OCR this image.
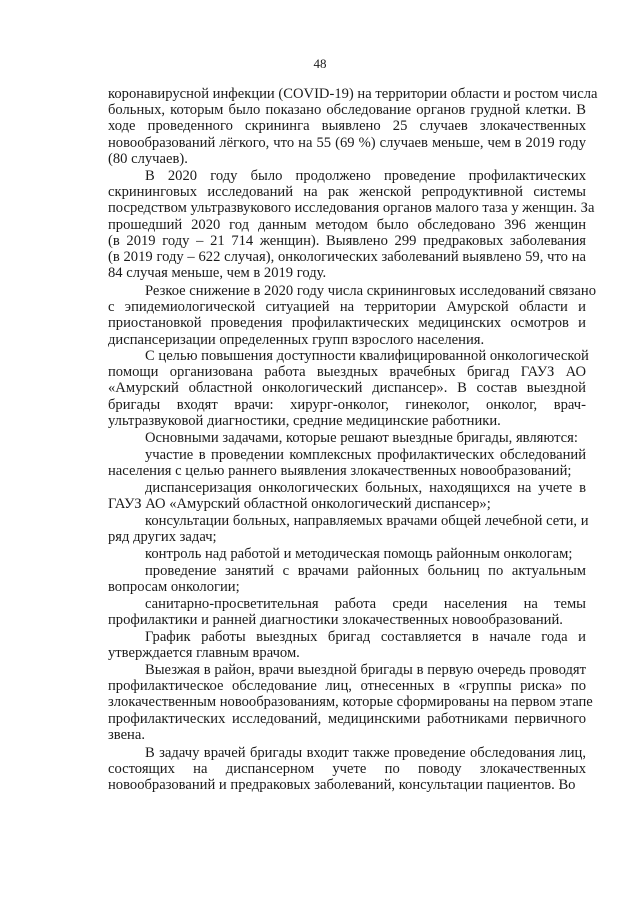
48
коронавирусной инфекции (COVID-19) на территории области и ростом числа
больных, которым было показано обследование органов грудной клетки. В
ходе проведенного скрининга выявлено 25 случаев злокачественных
новообразований лёгкого, что на 55 (69 %) случаев меньше, чем в 2019 году
(80 случаев).
В 2020 году было продолжено проведение профилактических
скрининговых исследований на рак женской репродуктивной системы
посредством ультразвукового исследования органов малого таза у женщин. За
прошедший 2020 год данным методом было обследовано 396 женщин
(в 2019 году – 21 714 женщин). Выявлено 299 предраковых заболевания
(в 2019 году – 622 случая), онкологических заболеваний выявлено 59, что на
84 случая меньше, чем в 2019 году.
Резкое снижение в 2020 году числа скрининговых исследований связано
с эпидемиологической ситуацией на территории Амурской области и
приостановкой проведения профилактических медицинских осмотров и
диспансеризации определенных групп взрослого населения.
С целью повышения доступности квалифицированной онкологической
помощи организована работа выездных врачебных бригад ГАУЗ АО
«Амурский областной онкологический диспансер». В состав выездной
бригады входят врачи: хирург-онколог, гинеколог, онколог, врач-
ультразвуковой диагностики, средние медицинские работники.
Основными задачами, которые решают выездные бригады, являются:
участие в проведении комплексных профилактических обследований
населения с целью раннего выявления злокачественных новообразований;
диспансеризация онкологических больных, находящихся на учете в
ГАУЗ АО «Амурский областной онкологический диспансер»;
консультации больных, направляемых врачами общей лечебной сети, и
ряд других задач;
контроль над работой и методическая помощь районным онкологам;
проведение занятий с врачами районных больниц по актуальным
вопросам онкологии;
санитарно-просветительная работа среди населения на темы
профилактики и ранней диагностики злокачественных новообразований.
График работы выездных бригад составляется в начале года и
утверждается главным врачом.
Выезжая в район, врачи выездной бригады в первую очередь проводят
профилактическое обследование лиц, отнесенных в «группы риска» по
злокачественным новообразованиям, которые сформированы на первом этапе
профилактических исследований, медицинскими работниками первичного
звена.
В задачу врачей бригады входит также проведение обследования лиц,
состоящих на диспансерном учете по поводу злокачественных
новообразований и предраковых заболеваний, консультации пациентов. Во
